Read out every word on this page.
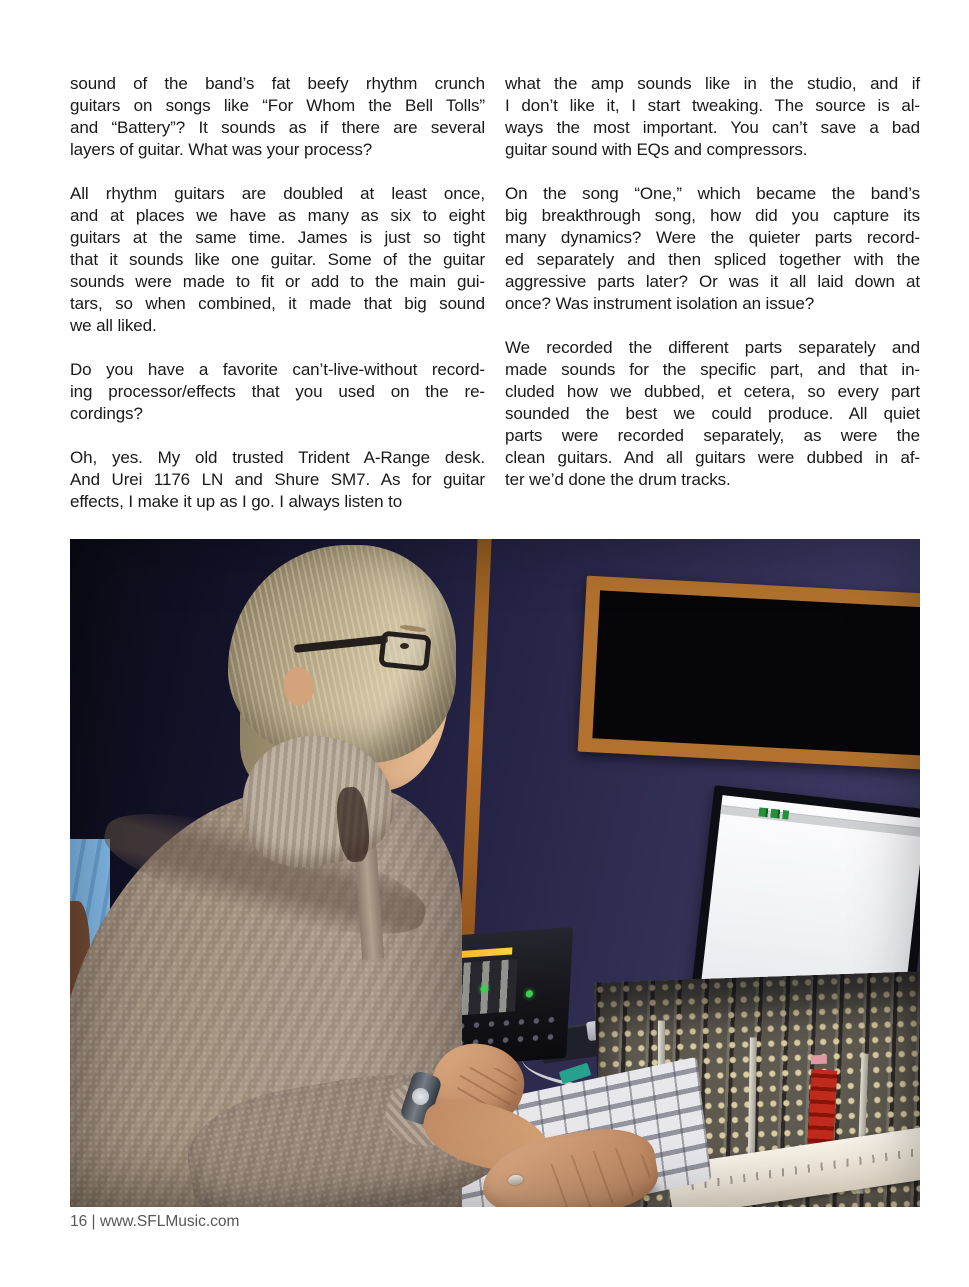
sound of the band’s fat beefy rhythm crunch
guitars on songs like “For Whom the Bell Tolls”
and “Battery”? It sounds as if there are several
layers of guitar. What was your process?

All rhythm guitars are doubled at least once,
and at places we have as many as six to eight
guitars at the same time. James is just so tight
that it sounds like one guitar. Some of the guitar
sounds were made to fit or add to the main gui-
tars, so when combined, it made that big sound
we all liked.

Do you have a favorite can’t-live-without record-
ing processor/effects that you used on the re-
cordings?

Oh, yes. My old trusted Trident A-Range desk.
And Urei 1176 LN and Shure SM7. As for guitar
effects, I make it up as I go. I always listen to

what the amp sounds like in the studio, and if
I don’t like it, I start tweaking. The source is al-
ways the most important. You can’t save a bad
guitar sound with EQs and compressors.

On the song “One,” which became the band’s
big breakthrough song, how did you capture its
many dynamics? Were the quieter parts record-
ed separately and then spliced together with the
aggressive parts later? Or was it all laid down at
once? Was instrument isolation an issue?

We recorded the different parts separately and
made sounds for the specific part, and that in-
cluded how we dubbed, et cetera, so every part
sounded the best we could produce. All quiet
parts were recorded separately, as were the
clean guitars. And all guitars were dubbed in af-
ter we’d done the drum tracks.

16 | www.SFLMusic.com
